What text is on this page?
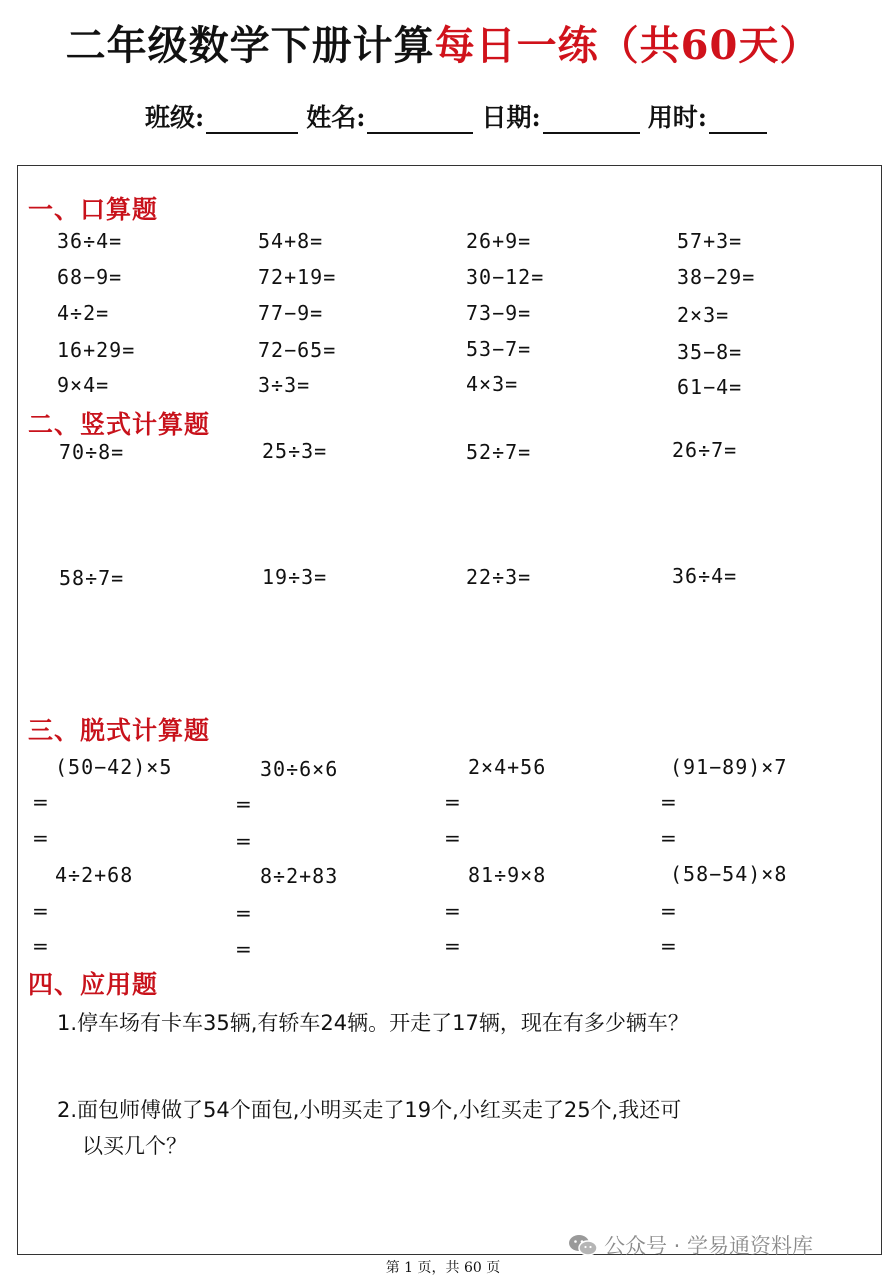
二年级数学下册计算每日一练（共60天）
班级:	姓名:	日期:	用时:
一、口算题
36÷4=	54+8=	26+9=	57+3=
68−9=	72+19=	30−12=	38−29=
4÷2=	77−9=	73−9=	2×3=
16+29=	72−65=	53−7=	35−8=
9×4=	3÷3=	4×3=	61−4=
二、竖式计算题
70÷8=	25÷3=	52÷7=	26÷7=
58÷7=	19÷3=	22÷3=	36÷4=
三、脱式计算题
(50−42)×5	30÷6×6	2×4+56	(91−89)×7
=	=	=	=
=	=	=	=
4÷2+68	8÷2+83	81÷9×8	(58−54)×8
=	=	=	=
=	=	=	=
四、应用题
1.停车场有卡车35辆,有轿车24辆。开走了17辆，现在有多少辆车？
2.面包师傅做了54个面包,小明买走了19个,小红买走了25个,我还可
以买几个？
公众号 · 学易通资料库
第 1 页，共 60 页
